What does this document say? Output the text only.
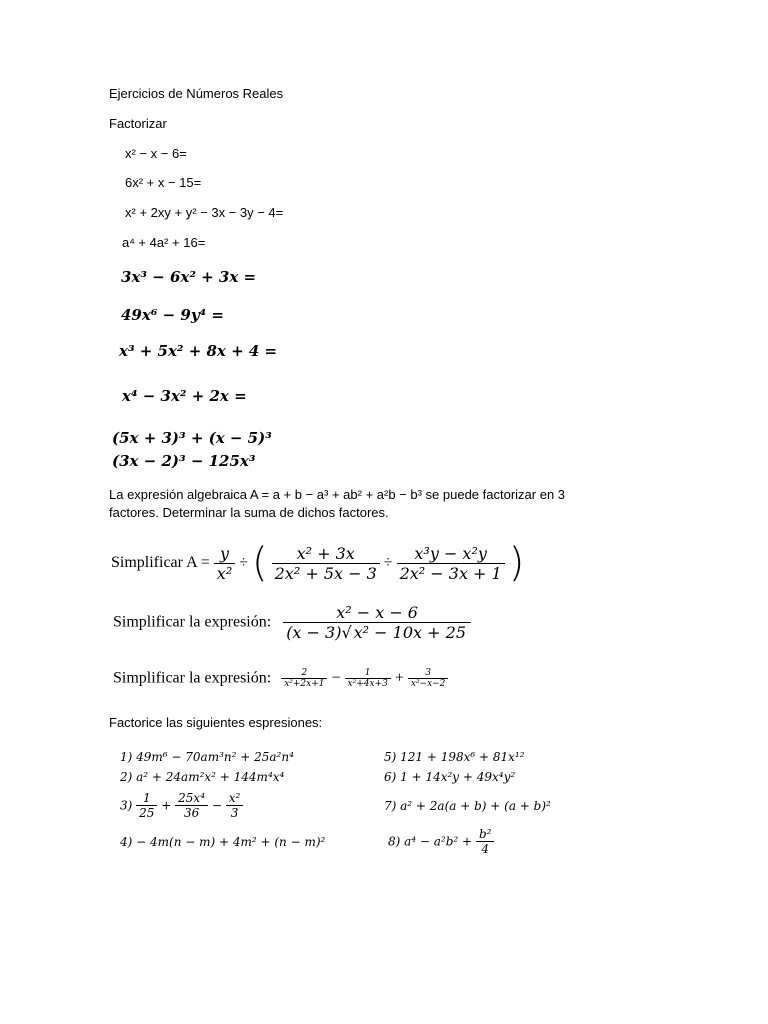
Ejercicios de Números Reales
Factorizar
x² − x − 6=
6x² + x − 15=
x² + 2xy + y² − 3x − 3y − 4=
a⁴ + 4a² + 16=
3x³ − 6x² + 3x =
49x⁶ − 9y⁴ =
x³ + 5x² + 8x + 4 =
x⁴ − 3x² + 2x =
(5x + 3)³ + (x − 5)³
(3x − 2)³ − 125x³
La expresión algebraica A = a + b − a³ + ab² + a²b − b³ se puede factorizar en 3
factores. Determinar la suma de dichos factores.
Simplificar $A = \frac{y}{\text{x²}}$ ÷ ( $\frac{\text{x² + 3x}}{\text{2x² + 5x − 3}} \div \frac{\text{x³y − x²y}}{\text{2x² − 3x + 1}}$ )
Simplificar la expresión: $\frac{\text{x² − x − 6}}{\text{(x − 3)√ x² − 10x + 25}}$
Simplificar la expresión: $\frac{2}{\text{x²+2x+1}} - \frac{1}{\text{x²+4x+3}} + \frac{3}{\text{x²−x−2}}$
Factorice las siguientes espresiones:
1) 49m⁶ − 70am³n² + 25a²n⁴
2) a² + 24am²x² + 144m⁴x⁴
$3) \frac{1}{25} + \frac{\text{25x⁴}}{36} - \frac{\text{x²}}{3}$
4) − 4m(n − m) + 4m² + (n − m)²
5) 121 + 198x⁶ + 81x¹²
6) 1 + 14x²y + 49x⁴y²
7) a² + 2a(a + b) + (a + b)²
8) $a^4 - a^2b^2 + \frac{\text{b²}}{4}$
